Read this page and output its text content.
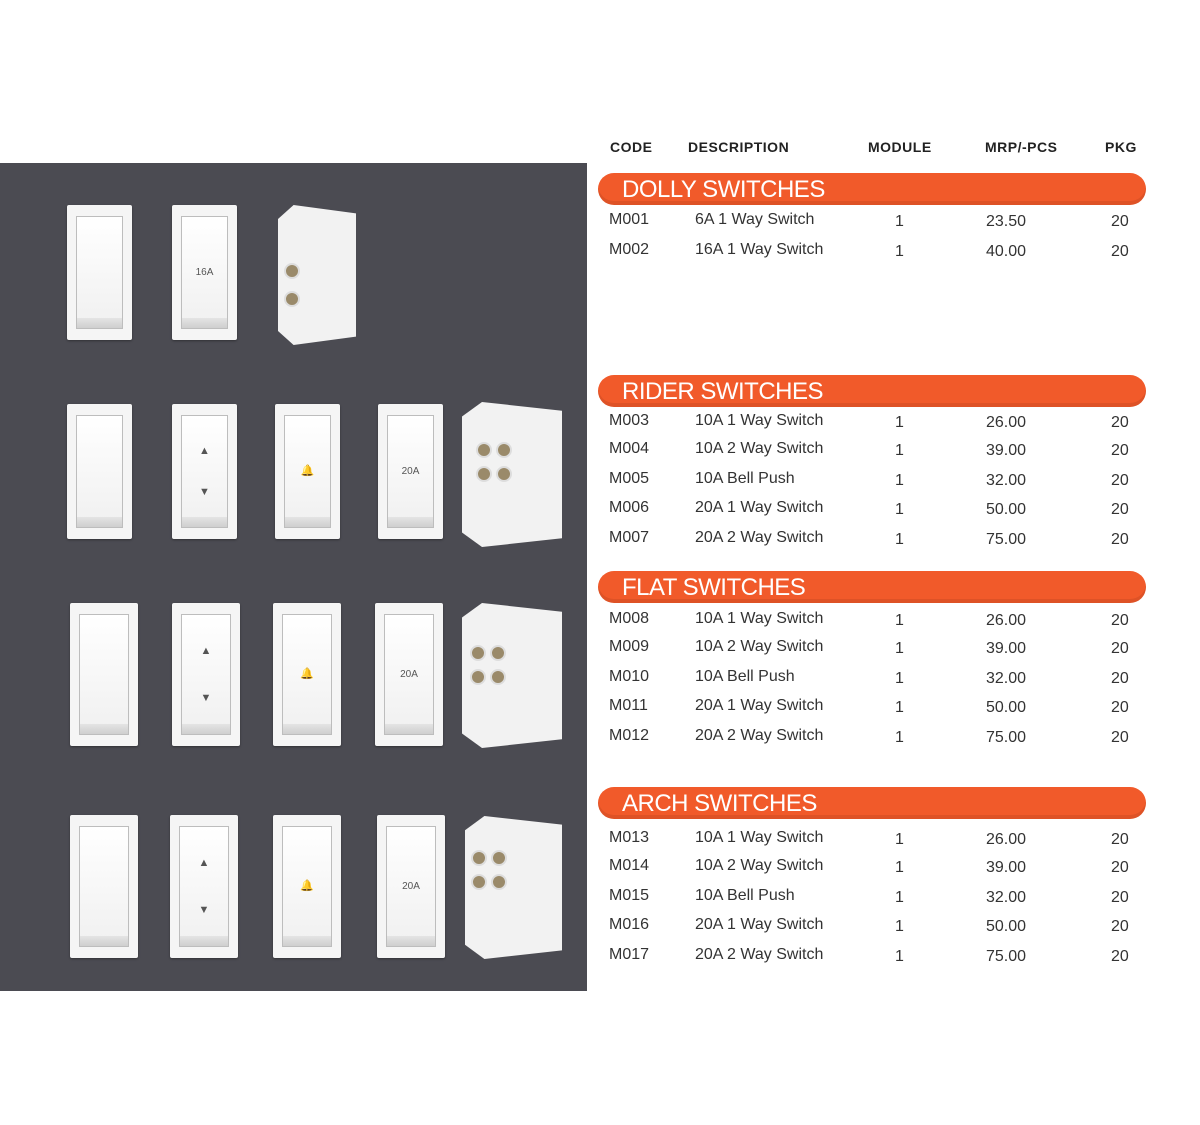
16A
▲
▼
🔔	20A
▲
▼
🔔	20A
▲
▼
🔔	20A
CODE	DESCRIPTION	MODULE	MRP/-PCS	PKG
DOLLY SWITCHES
RIDER SWITCHES
FLAT SWITCHES
ARCH SWITCHES
M001	6A 1 Way Switch	1	23.50	20
M002	16A 1 Way Switch	1	40.00	20
M003	10A 1 Way Switch	1	26.00	20
M004	10A 2 Way Switch	1	39.00	20
M005	10A Bell Push	1	32.00	20
M006	20A 1 Way Switch	1	50.00	20
M007	20A 2 Way Switch	1	75.00	20
M008	10A 1 Way Switch	1	26.00	20
M009	10A 2 Way Switch	1	39.00	20
M010	10A Bell Push	1	32.00	20
M011	20A 1 Way Switch	1	50.00	20
M012	20A 2 Way Switch	1	75.00	20
M013	10A 1 Way Switch	1	26.00	20
M014	10A 2 Way Switch	1	39.00	20
M015	10A Bell Push	1	32.00	20
M016	20A 1 Way Switch	1	50.00	20
M017	20A 2 Way Switch	1	75.00	20
